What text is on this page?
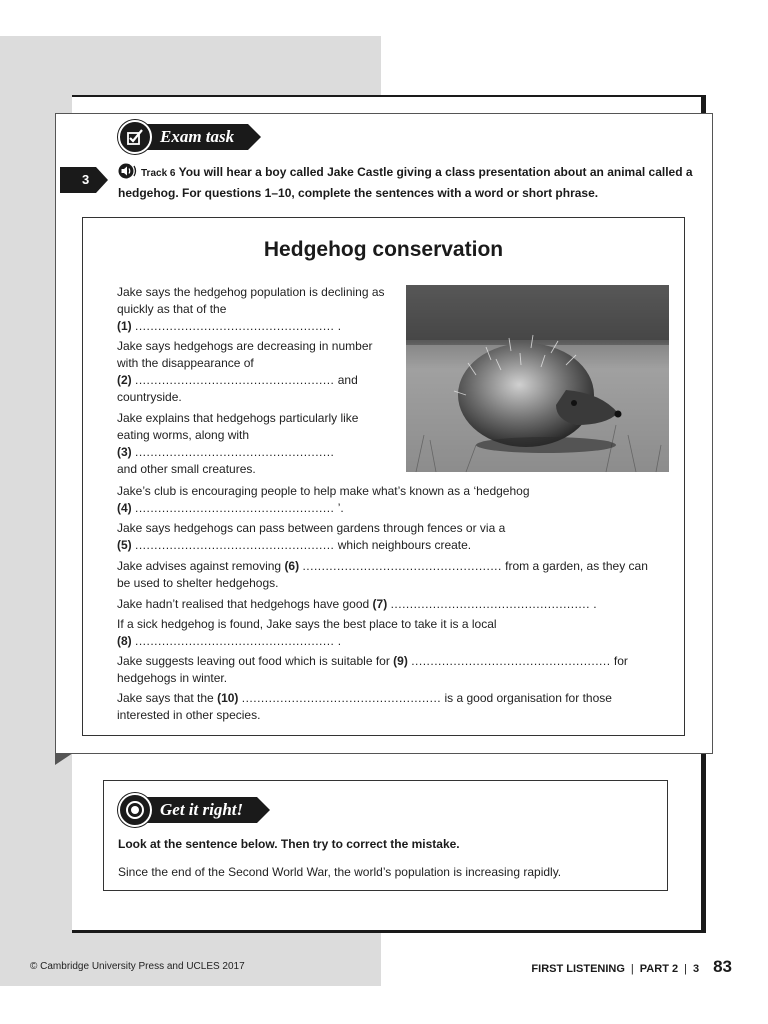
Exam task
3	Track 6 You will hear a boy called Jake Castle giving a class presentation about an animal called a hedgehog. For questions 1–10, complete the sentences with a word or short phrase.
Hedgehog conservation
Jake says the hedgehog population is declining as quickly as that of the
(1) .................................................... .
Jake says hedgehogs are decreasing in number with the disappearance of
(2) .................................................... and countryside.
Jake explains that hedgehogs particularly like eating worms, along with
(3) ....................................................
and other small creatures.
Jake’s club is encouraging people to help make what’s known as a ‘hedgehog
(4) .................................................... ’.
Jake says hedgehogs can pass between gardens through fences or via a
(5) .................................................... which neighbours create.
Jake advises against removing (6) .................................................... from a garden, as they can be used to shelter hedgehogs.
Jake hadn’t realised that hedgehogs have good (7) .................................................... .
If a sick hedgehog is found, Jake says the best place to take it is a local
(8) .................................................... .
Jake suggests leaving out food which is suitable for (9) .................................................... for hedgehogs in winter.
Jake says that the (10) .................................................... is a good organisation for those interested in other species.
Look at the sentence below. Then try to correct the mistake.
Since the end of the Second World War, the world’s population is increasing rapidly.
Get it right!
© Cambridge University Press and UCLES 2017	FIRST LISTENING | PART 2 | 3 83
